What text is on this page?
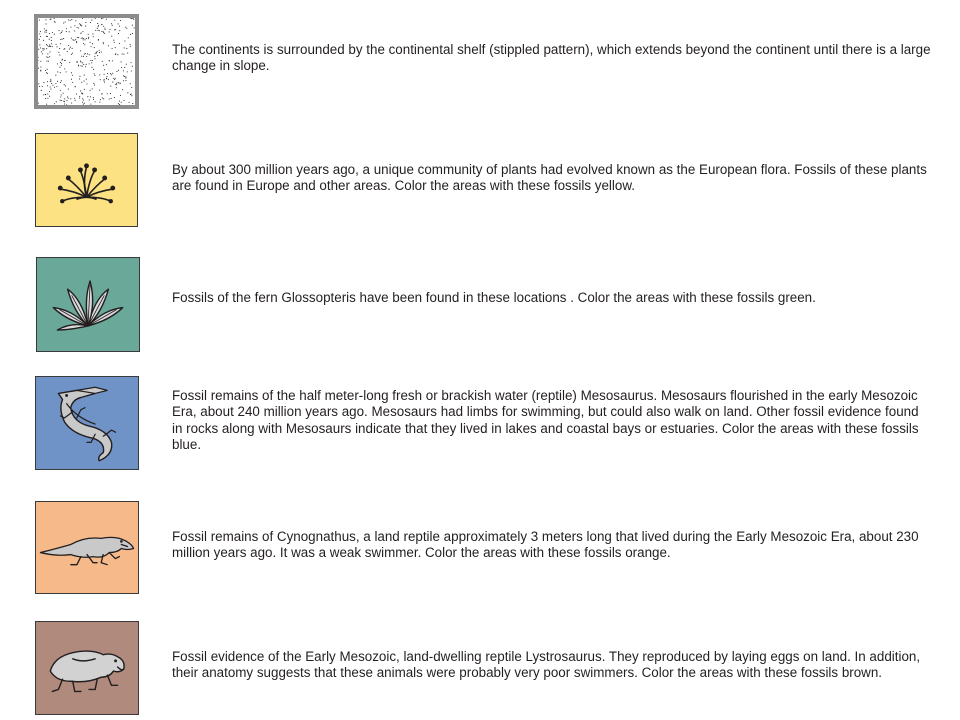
The continents is surrounded by the continental shelf (stippled pattern), which extends beyond the continent until there is a large change in slope.

By about 300 million years ago, a unique community of plants had evolved known as the European flora. Fossils of these plants are found in Europe and other areas. Color the areas with these fossils yellow.

Fossils of the fern Glossopteris have been found in these locations . Color the areas with these fossils green.

Fossil remains of the half meter-long fresh or brackish water (reptile) Mesosaurus. Mesosaurs flourished in the early Mesozoic Era, about 240 million years ago. Mesosaurs had limbs for swimming, but could also walk on land. Other fossil evidence found in rocks along with Mesosaurs indicate that they lived in lakes and coastal bays or estuaries. Color the areas with these fossils blue.

Fossil remains of Cynognathus, a land reptile approximately 3 meters long that lived during the Early Mesozoic Era, about 230 million years ago. It was a weak swimmer. Color the areas with these fossils orange.

Fossil evidence of the Early Mesozoic, land-dwelling reptile Lystrosaurus. They reproduced by laying eggs on land. In addition, their anatomy suggests that these animals were probably very poor swimmers. Color the areas with these fossils brown.
